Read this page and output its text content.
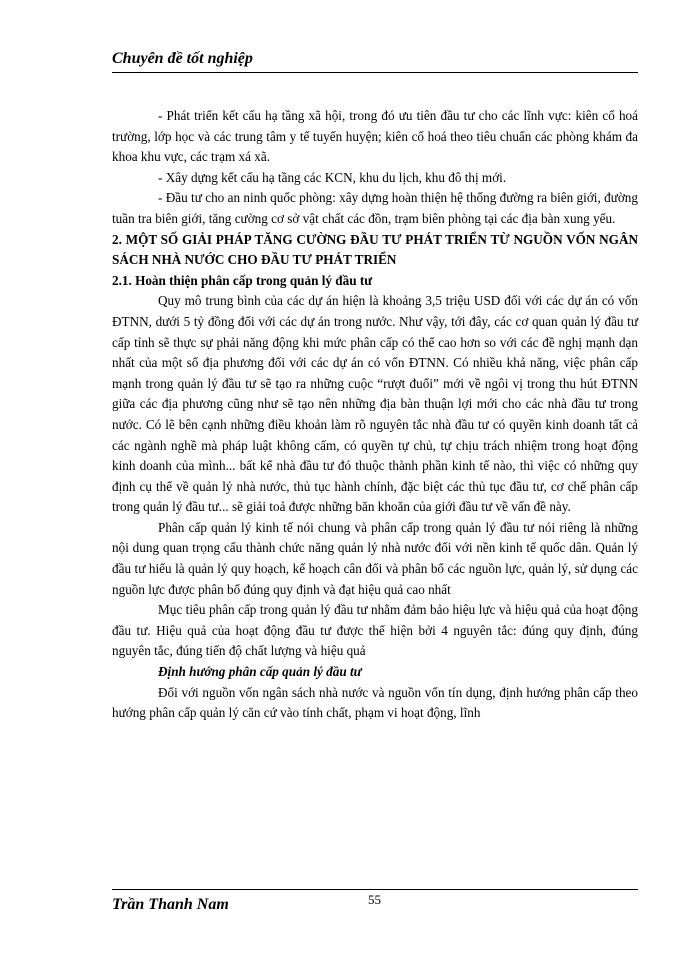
Chuyên đề tốt nghiệp

- Phát triển kết cấu hạ tầng xã hội, trong đó ưu tiên đầu tư cho các lĩnh vực: kiên cố hoá trường, lớp học và các trung tâm y tế tuyến huyện; kiên cố hoá theo tiêu chuẩn các phòng khám đa khoa khu vực, các trạm xá xã.

- Xây dựng kết cấu hạ tầng các KCN, khu du lịch, khu đô thị mới.

- Đầu tư cho an ninh quốc phòng: xây dựng hoàn thiện hệ thống đường ra biên giới, đường tuần tra biên giới, tăng cường cơ sở vật chất các đồn, trạm biên phòng tại các địa bàn xung yếu.

2. MỘT SỐ GIẢI PHÁP TĂNG CƯỜNG ĐẦU TƯ PHÁT TRIỂN TỪ NGUỒN VỐN NGÂN SÁCH NHÀ NƯỚC CHO ĐẦU TƯ PHÁT TRIỂN

2.1. Hoàn thiện phân cấp trong quản lý đầu tư

Quy mô trung bình của các dự án hiện là khoảng 3,5 triệu USD đối với các dự án có vốn ĐTNN, dưới 5 tỷ đồng đối với các dự án trong nước. Như vậy, tới đây, các cơ quan quản lý đầu tư cấp tỉnh sẽ thực sự phải năng động khi mức phân cấp có thể cao hơn so với các đề nghị mạnh dạn nhất của một số địa phương đối với các dự án có vốn ĐTNN. Có nhiều khả năng, việc phân cấp mạnh trong quản lý đầu tư sẽ tạo ra những cuộc “rượt đuổi” mới về ngôi vị trong thu hút ĐTNN giữa các địa phương cũng như sẽ tạo nên những địa bàn thuận lợi mới cho các nhà đầu tư trong nước. Có lẽ bên cạnh những điều khoản làm rõ nguyên tắc nhà đầu tư có quyền kinh doanh tất cả các ngành nghề mà pháp luật không cấm, có quyền tự chủ, tự chịu trách nhiệm trong hoạt động kinh doanh của mình... bất kể nhà đầu tư đó thuộc thành phần kinh tế nào, thì việc có những quy định cụ thể về quản lý nhà nước, thủ tục hành chính, đặc biệt các thủ tục đầu tư, cơ chế phân cấp trong quản lý đầu tư... sẽ giải toả được những băn khoăn của giới đầu tư về vấn đề này.

Phân cấp quản lý kinh tế nói chung và phân cấp trong quản lý đầu tư nói riêng là những nội dung quan trọng cấu thành chức năng quản lý nhà nước đối với nền kinh tế quốc dân. Quản lý đầu tư hiểu là quản lý quy hoạch, kế hoạch cân đối và phân bổ các nguồn lực, quản lý, sử dụng các nguồn lực được phân bổ đúng quy định và đạt hiệu quả cao nhất

Mục tiêu phân cấp trong quản lý đầu tư nhằm đảm bảo hiệu lực và hiệu quả của hoạt động đầu tư. Hiệu quả của hoạt động đầu tư được thể hiện bởi 4 nguyên tắc: đúng quy định, đúng nguyên tắc, đúng tiến độ chất lượng và hiệu quả

Định hướng phân cấp quản lý đầu tư

Đối với nguồn vốn ngân sách nhà nước và nguồn vốn tín dụng, định hướng phân cấp theo hướng phân cấp quản lý căn cứ vào tính chất, phạm vi hoạt động, lĩnh

Trần Thanh Nam	55
